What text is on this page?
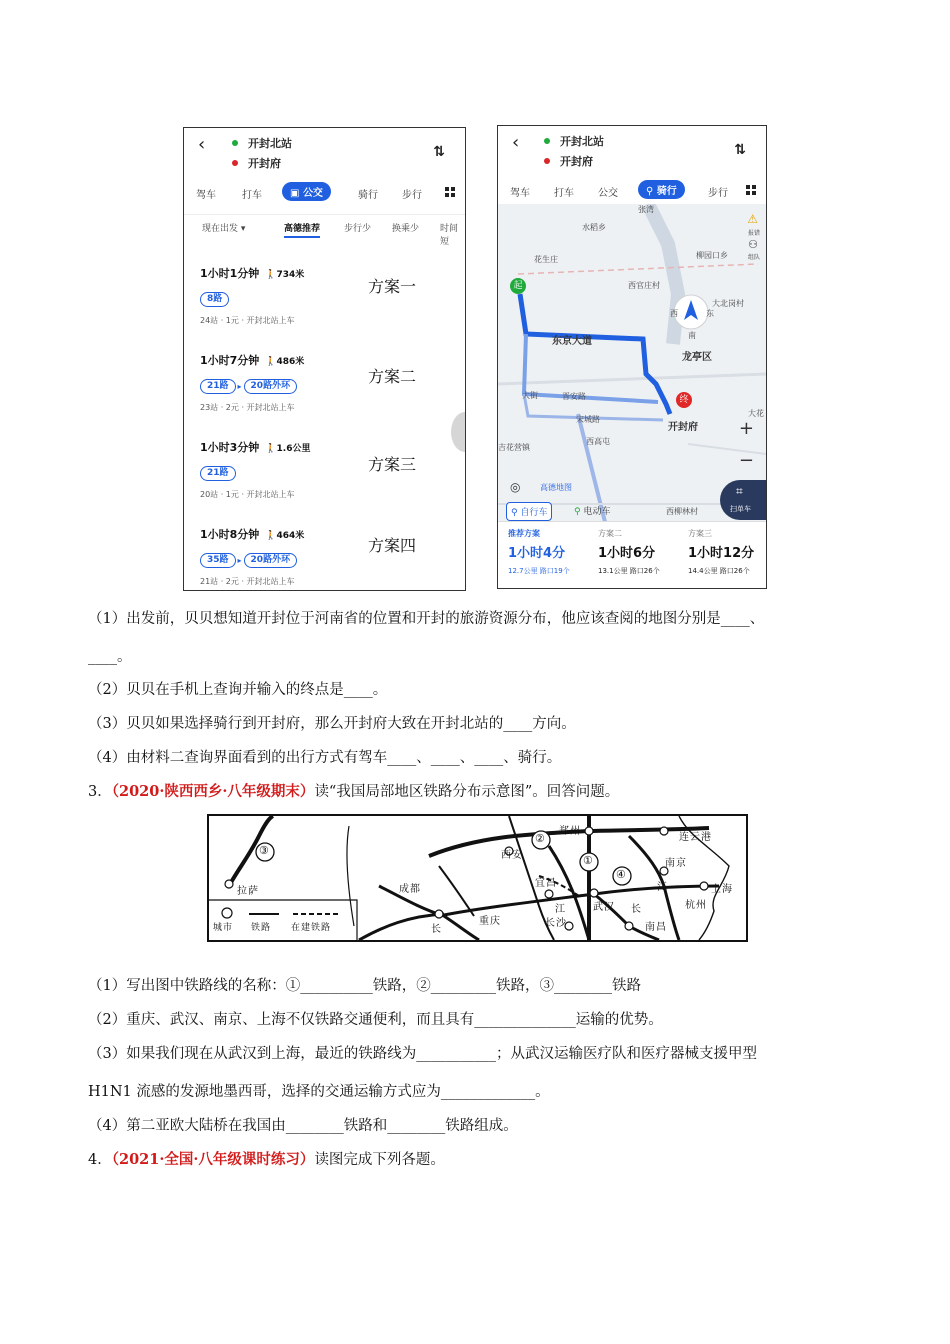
‹	开封北站
开封府
⇅
驾车	打车	▣ 公交	骑行 步行
现在出发 ▾	高德推荐	步行少 换乘少 时间短
1小时1分钟 🚶734米
8路
24站 · 1元 · 开封北站上车
方案一
1小时7分钟 🚶486米
21路 ▸ 20路外环
23站 · 2元 · 开封北站上车
方案二
1小时3分钟 🚶1.6公里
21路
20站 · 1元 · 开封北站上车
方案三
1小时8分钟 🚶464米
35路 ▸ 20路外环
21站 · 2元 · 开封北站上车
方案四
‹	开封北站
开封府
⇅
驾车 打车 公交	⚲ 骑行	步行
张湾
水稻乡
花生庄	柳园口乡
西官庄村
大北岗村
西	东
南
龙亭区
东京大道
大街	晋安路
宋城路
西高屯
吉花营镇
开封府
大花
西柳林村
高德地图
起
终
⚠
报错
⚇
组队
+
−
◎
⚲ 自行车	⚲ 电动车
⌗
扫单车
推荐方案
1小时4分
12.7公里 路口19个
方案二
1小时6分
13.1公里 路口26个
方案三
1小时12分
14.4公里 路口26个
（1）出发前，贝贝想知道开封位于河南省的位置和开封的旅游资源分布，他应该查阅的地图分别是____、
____。
（2）贝贝在手机上查询并输入的终点是____。
（3）贝贝如果选择骑行到开封府，那么开封府大致在开封北站的____方向。
（4）由材料二查询界面看到的出行方式有驾车____、____、____、骑行。
3．（2020·陕西西乡·八年级期末）读“我国局部地区铁路分布示意图”。回答问题。
①
②
③
④
郑州
西安
连云港
南京
上海
宜昌
成都
重庆	长沙
武汉
南昌
杭州
拉萨
江
长
江
长
城市 铁路 在建铁路
（1）写出图中铁路线的名称：①__________铁路，②_________铁路，③________铁路
（2）重庆、武汉、南京、上海不仅铁路交通便利，而且具有______________运输的优势。
（3）如果我们现在从武汉到上海，最近的铁路线为___________；从武汉运输医疗队和医疗器械支援甲型
H1N1 流感的发源地墨西哥，选择的交通运输方式应为_____________。
（4）第二亚欧大陆桥在我国由________铁路和________铁路组成。
4．（2021·全国·八年级课时练习）读图完成下列各题。
